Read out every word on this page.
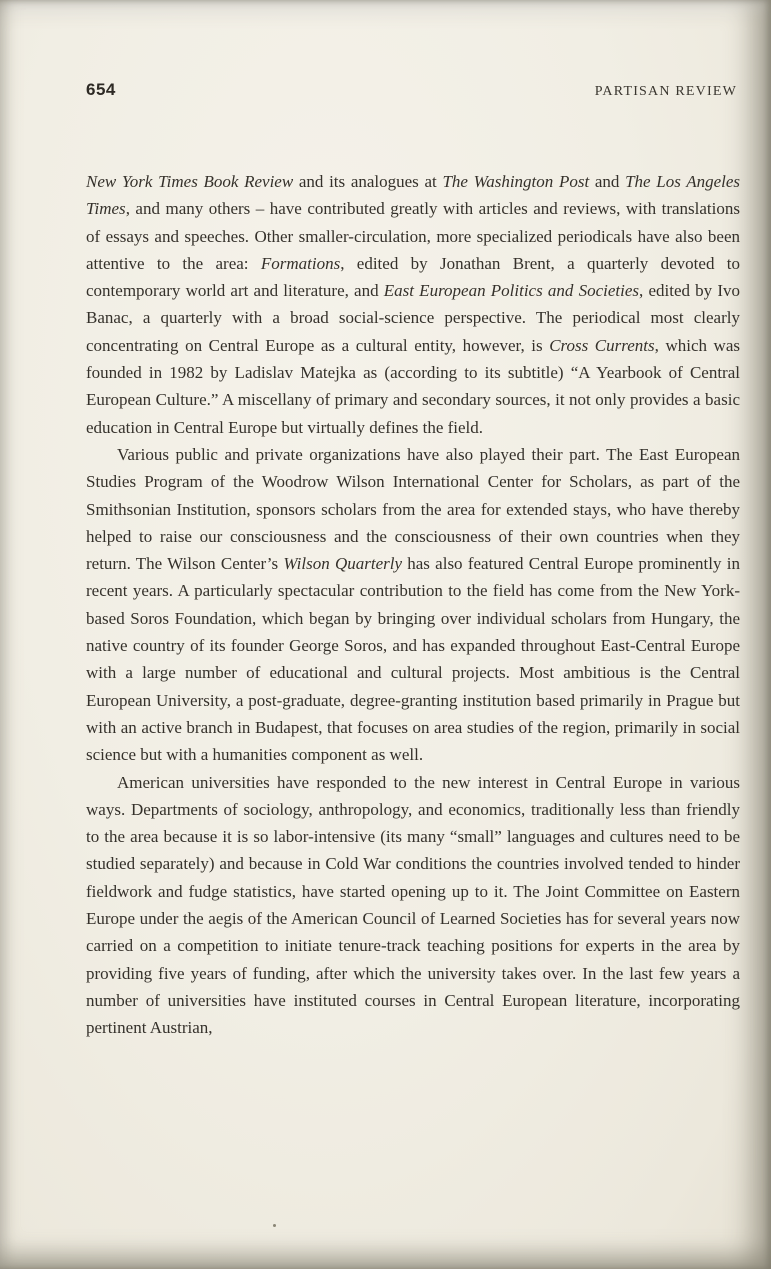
654	PARTISAN REVIEW

New York Times Book Review and its analogues at The Washington Post and The Los Angeles Times, and many others – have contributed greatly with articles and reviews, with translations of essays and speeches. Other smaller-circulation, more specialized periodicals have also been attentive to the area: Formations, edited by Jonathan Brent, a quarterly devoted to contemporary world art and literature, and East European Politics and Societies, edited by Ivo Banac, a quarterly with a broad social-science perspective. The periodical most clearly concentrating on Central Europe as a cultural entity, however, is Cross Currents, which was founded in 1982 by Ladislav Matejka as (according to its subtitle) “A Yearbook of Central European Culture.” A miscellany of primary and secondary sources, it not only provides a basic education in Central Europe but virtually defines the field.

Various public and private organizations have also played their part. The East European Studies Program of the Woodrow Wilson International Center for Scholars, as part of the Smithsonian Institution, sponsors scholars from the area for extended stays, who have thereby helped to raise our consciousness and the consciousness of their own countries when they return. The Wilson Center’s Wilson Quarterly has also featured Central Europe prominently in recent years. A particularly spectacular contribution to the field has come from the New York-based Soros Foundation, which began by bringing over individual scholars from Hungary, the native country of its founder George Soros, and has expanded throughout East-Central Europe with a large number of educational and cultural projects. Most ambitious is the Central European University, a post-graduate, degree-granting institution based primarily in Prague but with an active branch in Budapest, that focuses on area studies of the region, primarily in social science but with a humanities component as well.

American universities have responded to the new interest in Central Europe in various ways. Departments of sociology, anthropology, and economics, traditionally less than friendly to the area because it is so labor-intensive (its many “small” languages and cultures need to be studied separately) and because in Cold War conditions the countries involved tended to hinder fieldwork and fudge statistics, have started opening up to it. The Joint Committee on Eastern Europe under the aegis of the American Council of Learned Societies has for several years now carried on a competition to initiate tenure-track teaching positions for experts in the area by providing five years of funding, after which the university takes over. In the last few years a number of universities have instituted courses in Central European literature, incorporating pertinent Austrian,
